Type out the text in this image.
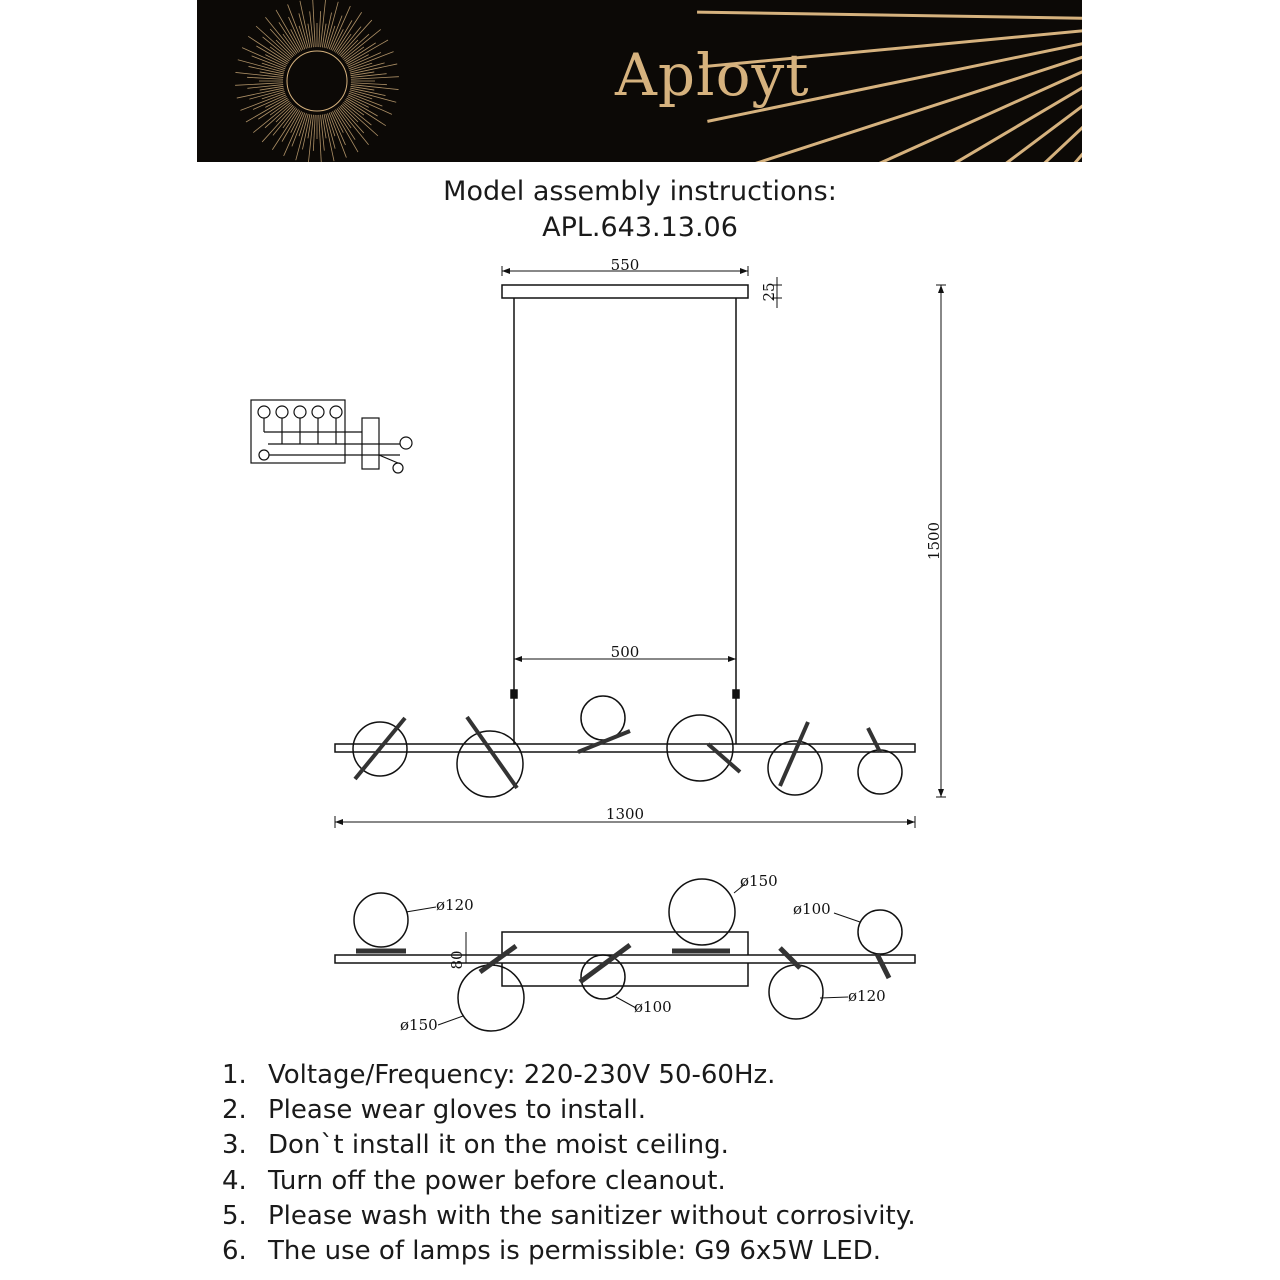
Aployt
Model assembly instructions:
APL.643.13.06
550
25
1500
500
1300
80
ø120
ø150
ø100
ø150
ø100
ø120
1. Voltage/Frequency: 220-230V 50-60Hz.
2. Please wear gloves to install.
3. Don`t install it on the moist ceiling.
4. Turn off the power before cleanout.
5. Please wash with the sanitizer without corrosivity.
6. The use of lamps is permissible: G9 6x5W LED.
